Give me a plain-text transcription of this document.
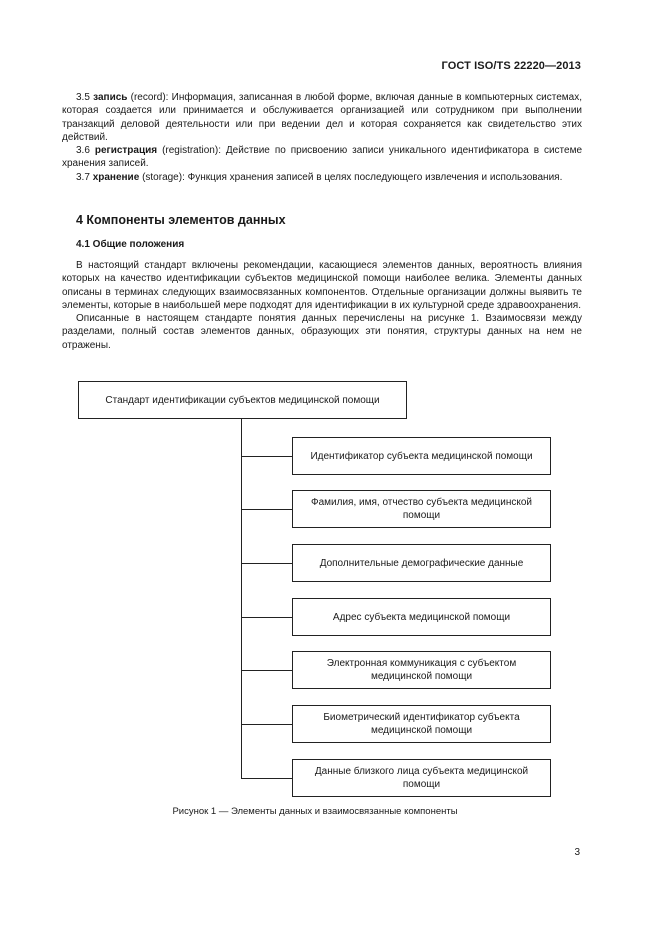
ГОСТ ISO/TS 22220—2013

3.5 запись (record): Информация, записанная в любой форме, включая данные в компьютерных системах, которая создается или принимается и обслуживается организацией или сотрудником при выполнении транзакций деловой деятельности или при ведении дел и которая сохраняется как свидетельство этих действий.

3.6 регистрация (registration): Действие по присвоению записи уникального идентификатора в системе хранения записей.

3.7 хранение (storage): Функция хранения записей в целях последующего извлечения и использования.

4 Компоненты элементов данных
4.1 Общие положения

В настоящий стандарт включены рекомендации, касающиеся элементов данных, вероятность влияния которых на качество идентификации субъектов медицинской помощи наиболее велика. Элементы данных описаны в терминах следующих взаимосвязанных компонентов. Отдельные организации должны выявить те элементы, которые в наибольшей мере подходят для идентификации в их культурной среде здравоохранения.

Описанные в настоящем стандарте понятия данных перечислены на рисунке 1. Взаимосвязи между разделами, полный состав элементов данных, образующих эти понятия, структуры данных на нем не отражены.

Стандарт идентификации субъектов медицинской помощи
Идентификатор субъекта медицинской помощи
Фамилия, имя, отчество субъекта медицинской помощи
Дополнительные демографические данные
Адрес субъекта медицинской помощи
Электронная коммуникация с субъектом медицинской помощи
Биометрический идентификатор субъекта медицинской помощи
Данные близкого лица субъекта медицинской помощи
Рисунок 1 — Элементы данных и взаимосвязанные компоненты
3
